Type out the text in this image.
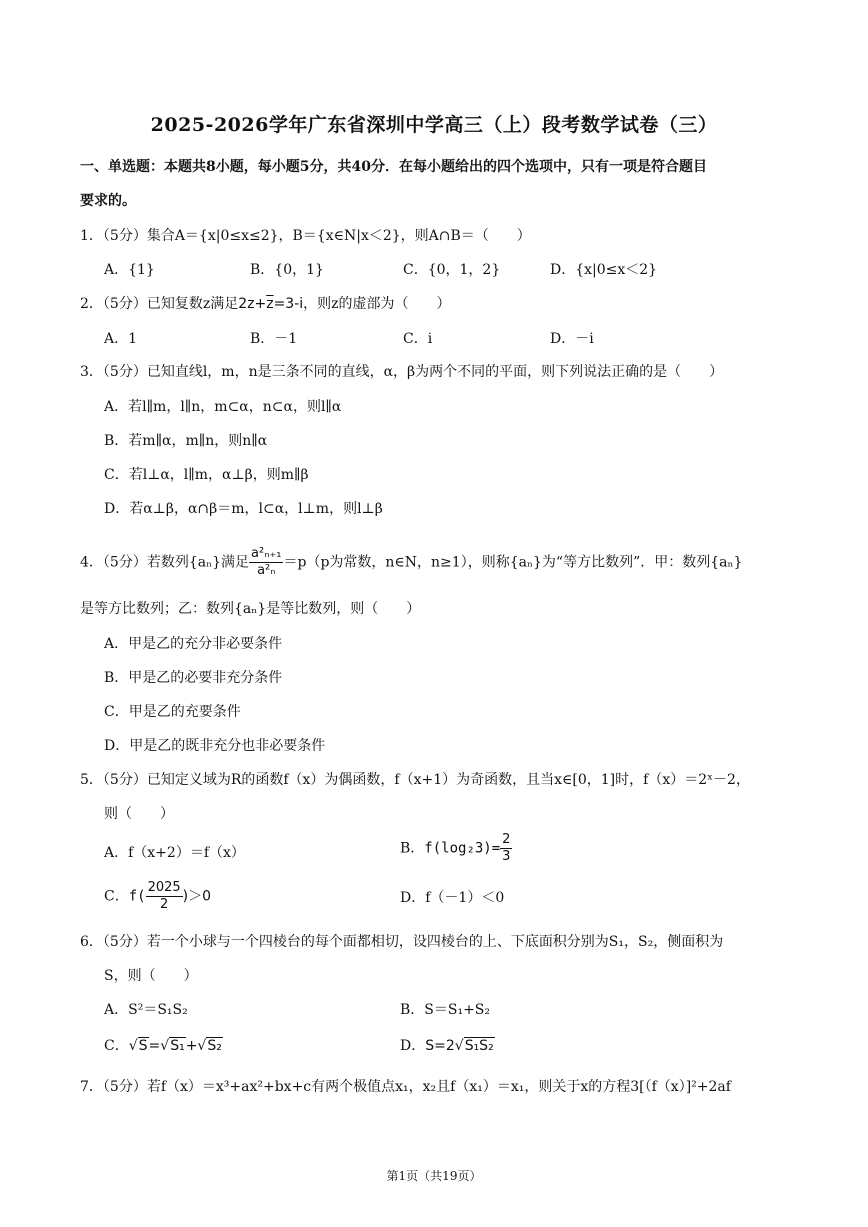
2025-2026学年广东省深圳中学高三（上）段考数学试卷（三）
一、单选题：本题共8小题，每小题5分，共40分．在每小题给出的四个选项中，只有一项是符合题目
要求的。
1．（5分）集合A＝{x|0≤x≤2}，B＝{x∈N|x＜2}，则A∩B＝（　　）
A．{1}	B．{0，1}	C．{0，1，2}	D．{x|0≤x＜2}
2．（5分）已知复数z满足$2z+\overline{z}=3-i$，则z的虚部为（　　）
A．1	B．－1	C．i	D．－i
3．（5分）已知直线l，m，n是三条不同的直线，α，β为两个不同的平面，则下列说法正确的是（　　）
A．若l∥m，l∥n，m⊂α，n⊂α，则l∥α
B．若m∥α，m∥n，则n∥α
C．若l⊥α，l∥m，α⊥β，则m∥β
D．若α⊥β，α∩β＝m，l⊂α，l⊥m，则l⊥β
4．（5分）若数列{aₙ}满足 $\frac{\text{a²ₙ₊₁}}{\text{a²ₙ}} =p(p$为常数，n∈N，n≥1），则称{aₙ}为“等方比数列”．甲：数列{aₙ}
是等方比数列；乙：数列{aₙ}是等比数列，则（　　）
A．甲是乙的充分非必要条件
B．甲是乙的必要非充分条件
C．甲是乙的充要条件
D．甲是乙的既非充分也非必要条件
5．（5分）已知定义域为R的函数f（x）为偶函数，f（x+1）为奇函数，且当x∈[0，1]时，f（x）＝2ˣ－2，
则（　　）
A．f（x+2）＝f（x）	B．$f(\log_23)= \frac{2}{3}$
C．$f( \frac{2025}{2} )>0$	D．f（－1）＜0
6．（5分）若一个小球与一个四棱台的每个面都相切，设四棱台的上、下底面积分别为S₁，S₂，侧面积为
S，则（　　）
A．S²＝S₁S₂	B．S＝S₁+S₂
C．√S=√S₁+√S₂	D．S=2√S₁S₂
7．（5分）若f（x）＝x³+ax²+bx+c有两个极值点x₁，x₂且f（x₁）＝x₁，则关于x的方程3[（f（x）]²+2af
第1页（共19页）
